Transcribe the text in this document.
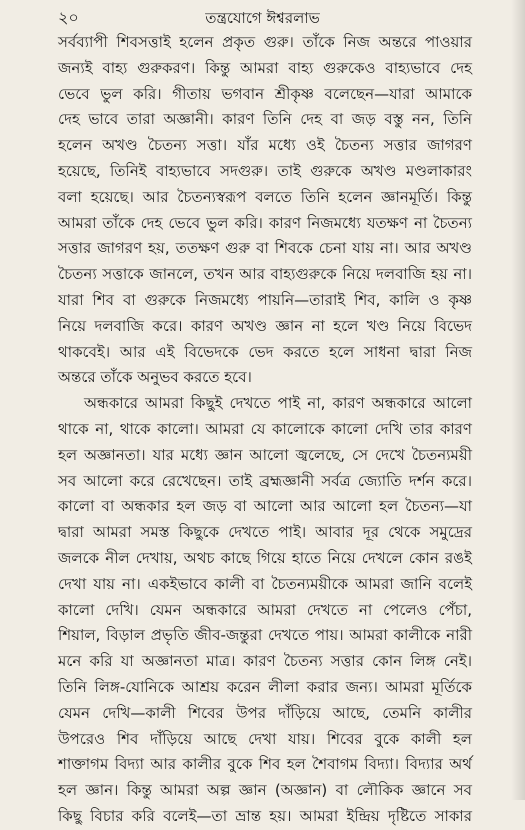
২০	তন্ত্রযোগে ঈশ্বরলাভ
সর্বব্যাপী শিবসত্তাই হলেন প্রকৃত গুরু। তাঁকে নিজ অন্তরে পাওয়ার
জন্যই বাহ্য গুরুকরণ। কিন্তু আমরা বাহ্য গুরুকেও বাহ্যভাবে দেহ
ভেবে ভুল করি। গীতায় ভগবান শ্রীকৃষ্ণ বলেছেন—যারা আমাকে
দেহ ভাবে তারা অজ্ঞানী। কারণ তিনি দেহ বা জড় বস্তু নন, তিনি
হলেন অখণ্ড চৈতন্য সত্তা। যাঁর মধ্যে ওই চৈতন্য সত্তার জাগরণ
হয়েছে, তিনিই বাহ্যভাবে সদগুরু। তাই গুরুকে অখণ্ড মণ্ডলাকারং
বলা হয়েছে। আর চৈতন্যস্বরূপ বলতে তিনি হলেন জ্ঞানমূর্তি। কিন্তু
আমরা তাঁকে দেহ ভেবে ভুল করি। কারণ নিজমধ্যে যতক্ষণ না চৈতন্য
সত্তার জাগরণ হয়, ততক্ষণ গুরু বা শিবকে চেনা যায় না। আর অখণ্ড
চৈতন্য সত্তাকে জানলে, তখন আর বাহ্যগুরুকে নিয়ে দলবাজি হয় না।
যারা শিব বা গুরুকে নিজমধ্যে পায়নি—তারাই শিব, কালি ও কৃষ্ণ
নিয়ে দলবাজি করে। কারণ অখণ্ড জ্ঞান না হলে খণ্ড নিয়ে বিভেদ
থাকবেই। আর এই বিভেদকে ভেদ করতে হলে সাধনা দ্বারা নিজ
অন্তরে তাঁকে অনুভব করতে হবে।
অন্ধকারে আমরা কিছুই দেখতে পাই না, কারণ অন্ধকারে আলো
থাকে না, থাকে কালো। আমরা যে কালোকে কালো দেখি তার কারণ
হল অজ্ঞানতা। যার মধ্যে জ্ঞান আলো জ্বলেছে, সে দেখে চৈতন্যময়ী
সব আলো করে রেখেছেন। তাই ব্রহ্মজ্ঞানী সর্বত্র জ্যোতি দর্শন করে।
কালো বা অন্ধকার হল জড় বা আলো আর আলো হল চৈতন্য—যা
দ্বারা আমরা সমস্ত কিছুকে দেখতে পাই। আবার দূর থেকে সমুদ্রের
জলকে নীল দেখায়, অথচ কাছে গিয়ে হাতে নিয়ে দেখলে কোন রঙই
দেখা যায় না। একইভাবে কালী বা চৈতন্যময়ীকে আমরা জানি বলেই
কালো দেখি। যেমন অন্ধকারে আমরা দেখতে না পেলেও পেঁচা,
শিয়াল, বিড়াল প্রভৃতি জীব-জন্তুরা দেখতে পায়। আমরা কালীকে নারী
মনে করি যা অজ্ঞানতা মাত্র। কারণ চৈতন্য সত্তার কোন লিঙ্গ নেই।
তিনি লিঙ্গ-যোনিকে আশ্রয় করেন লীলা করার জন্য। আমরা মূর্তিকে
যেমন দেখি—কালী শিবের উপর দাঁড়িয়ে আছে, তেমনি কালীর
উপরেও শিব দাঁড়িয়ে আছে দেখা যায়। শিবের বুকে কালী হল
শাক্তাগম বিদ্যা আর কালীর বুকে শিব হল শৈবাগম বিদ্যা। বিদ্যার অর্থ
হল জ্ঞান। কিন্তু আমরা অল্প জ্ঞান (অজ্ঞান) বা লৌকিক জ্ঞানে সব
কিছু বিচার করি বলেই—তা ভ্রান্ত হয়। আমরা ইন্দ্রিয় দৃষ্টিতে সাকার
